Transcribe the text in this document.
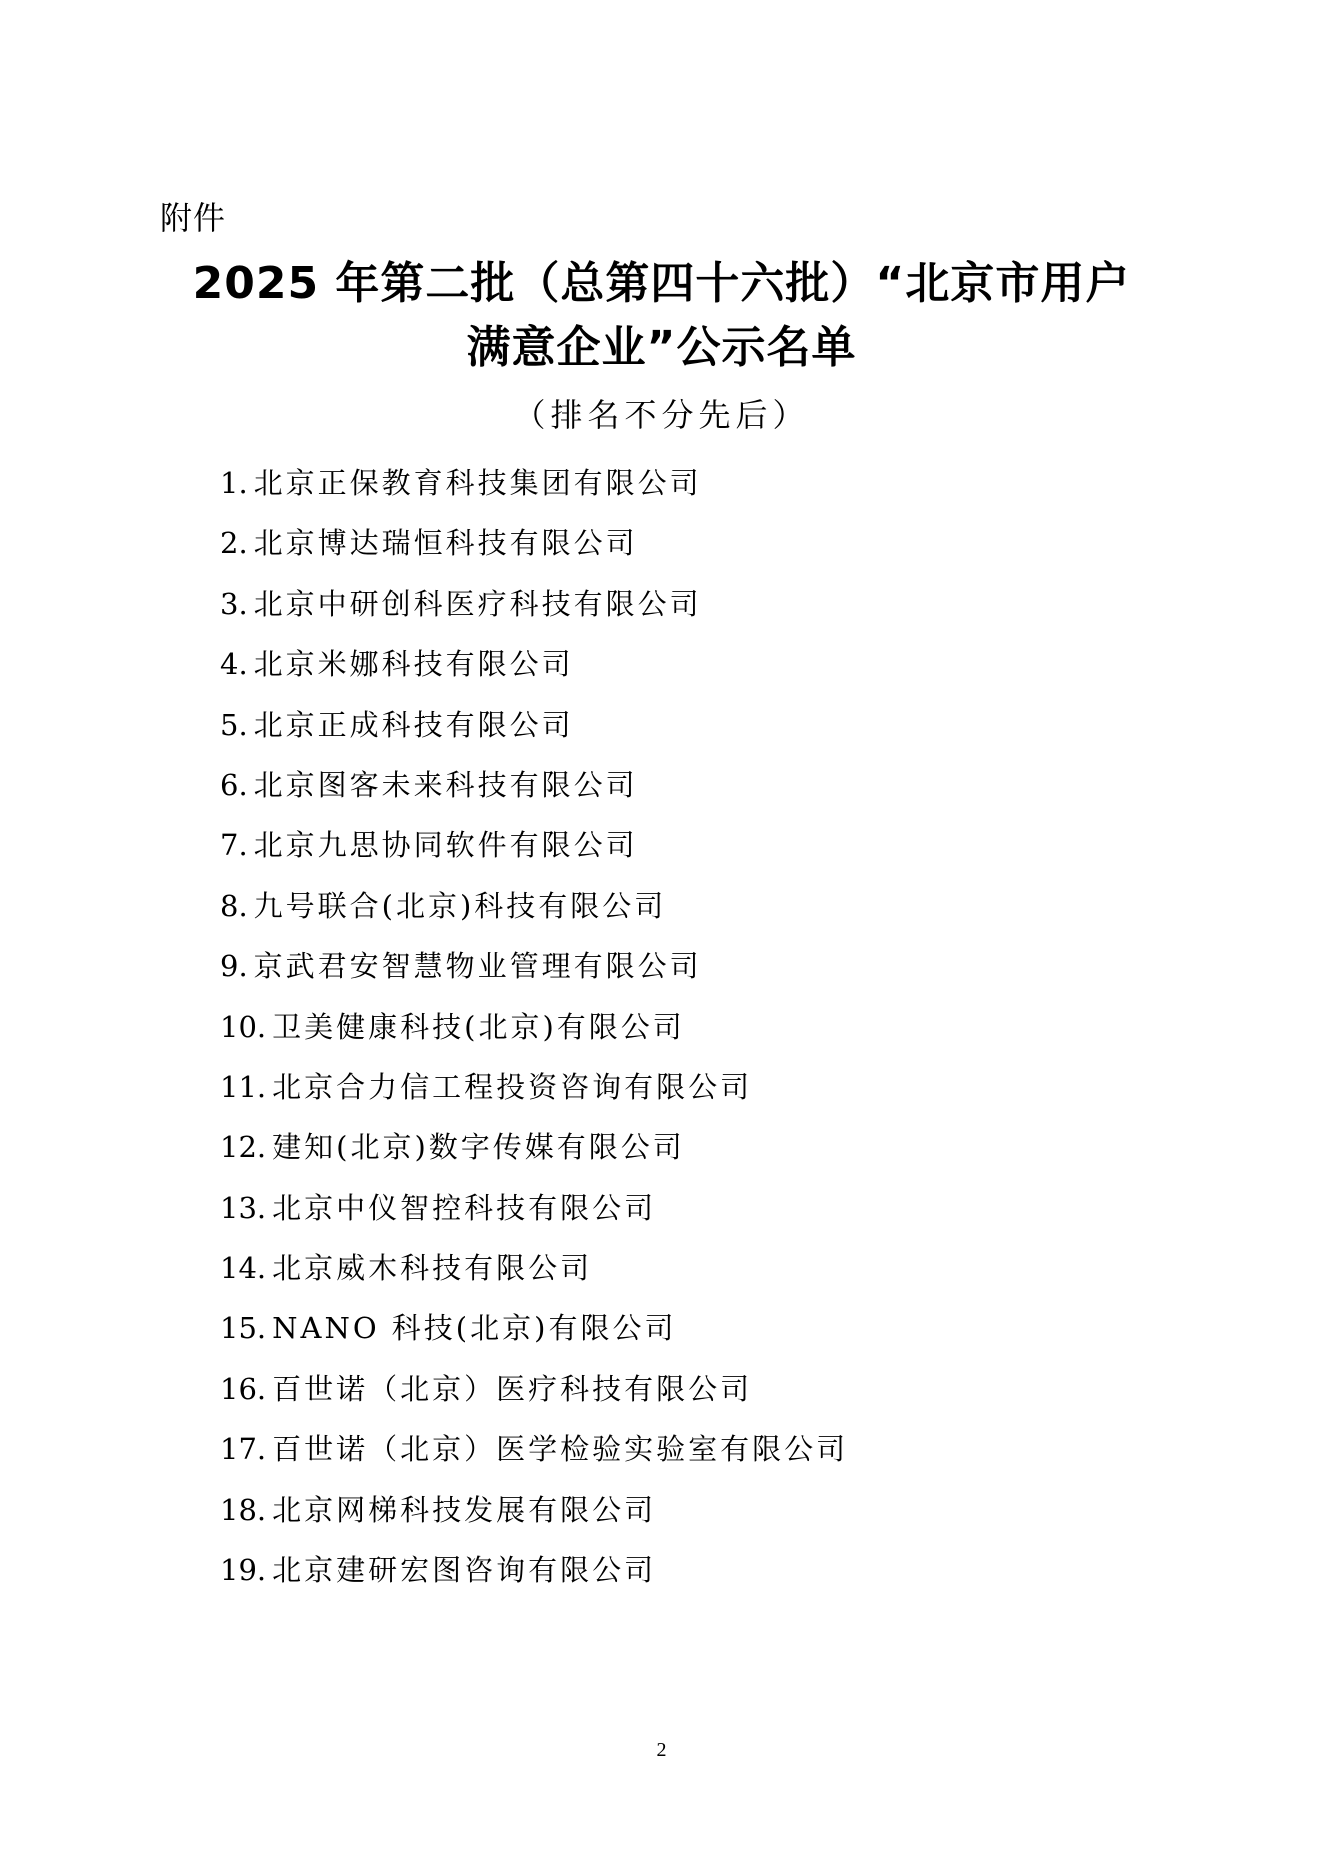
附件
2025 年第二批（总第四十六批）“北京市用户
满意企业”公示名单
（排名不分先后）
1. 北京正保教育科技集团有限公司
2. 北京博达瑞恒科技有限公司
3. 北京中研创科医疗科技有限公司
4. 北京米娜科技有限公司
5. 北京正成科技有限公司
6. 北京图客未来科技有限公司
7. 北京九思协同软件有限公司
8. 九号联合(北京)科技有限公司
9. 京武君安智慧物业管理有限公司
10. 卫美健康科技(北京)有限公司
11. 北京合力信工程投资咨询有限公司
12. 建知(北京)数字传媒有限公司
13. 北京中仪智控科技有限公司
14. 北京威木科技有限公司
15. NANO 科技(北京)有限公司
16. 百世诺（北京）医疗科技有限公司
17. 百世诺（北京）医学检验实验室有限公司
18. 北京网梯科技发展有限公司
19. 北京建研宏图咨询有限公司
2
